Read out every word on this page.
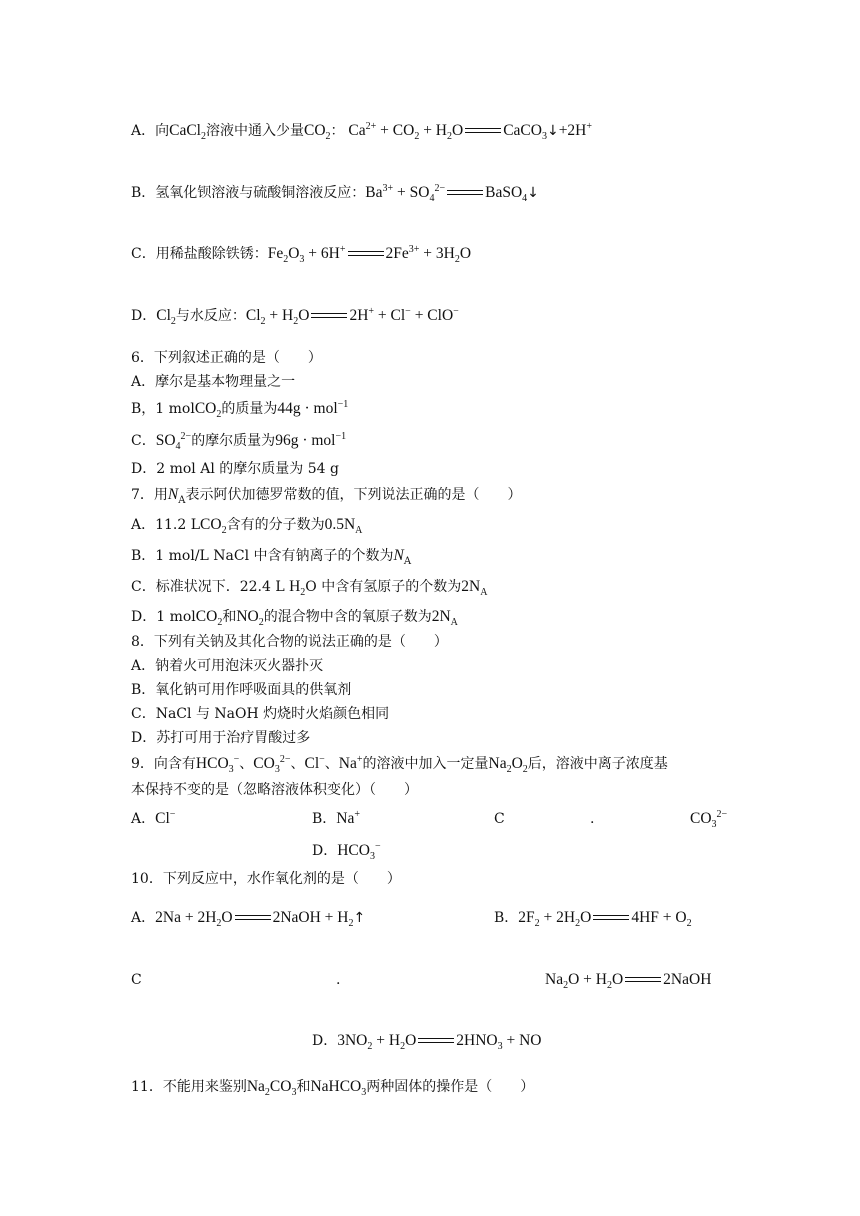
A．向CaCl$_2$溶液中通入少量$CO_2$： $Ca^{2+} + CO_2 + H_2O$	CaCO$_3$↓+2H+
B．氢氧化钡溶液与硫酸铜溶液反应：$Ba^{3+} + SO_4^{2-}$	BaSO$_4$↓
C．用稀盐酸除铁锈：$Fe_2O_3 + 6H^+$	$2Fe^{3+} + 3H_2O$
D．$Cl_2$与水反应：$Cl_2 + H_2O$	2H+ + Cl− + ClO−
6．下列叙述正确的是（　　）
A．摩尔是基本物理量之一
B，1 molCO$_2$的质量为44g · mol$^{-1}$
C．$SO_4^{2-}$的摩尔质量为96g · mol$^{-1}$
D．2 mol Al 的摩尔质量为 54 g
7．用$N_A$表示阿伏加德罗常数的值，下列说法正确的是（　　）
A．11.2 $LCO_2$含有的分子数为$0.5N_A$
B．1 mol/L NaCl 中含有钠离子的个数为$N_A$
C．标准状况下．22.4 L $H_2O$ 中含有氢原子的个数为$2N_A$
D．1 molCO$_2$和$NO_2$的混合物中含的氧原子数为$2N_A$
8．下列有关钠及其化合物的说法正确的是（　　）
A．钠着火可用泡沫灭火器扑灭
B．氧化钠可用作呼吸面具的供氧剂
C．NaCl 与 NaOH 灼烧时火焰颜色相同
D．苏打可用于治疗胃酸过多
9．向含有$HCO_3^-$、$CO_3^{2-}$、Cl−、Na+的溶液中加入一定量$Na_2O_2$后，溶液中离子浓度基
本保持不变的是（忽略溶液体积变化）（　　）
A．Cl−	B．Na+	C	.	$CO_3^{2-}$
D．$HCO_3^-$
10．下列反应中，水作氧化剂的是（　　）
A．$2Na + 2H_2O$	2NaOH + $H_2↑$	B．$2F_2 + 2H_2O$	$4HF + O_2$
C	.	$Na_2O + H_2O$	2NaOH
D．$3NO_2 + H_2O$	$2HNO_3$ + NO
11．不能用来鉴别$Na_2CO_3$和NaHCO$_3$两种固体的操作是（　　）
